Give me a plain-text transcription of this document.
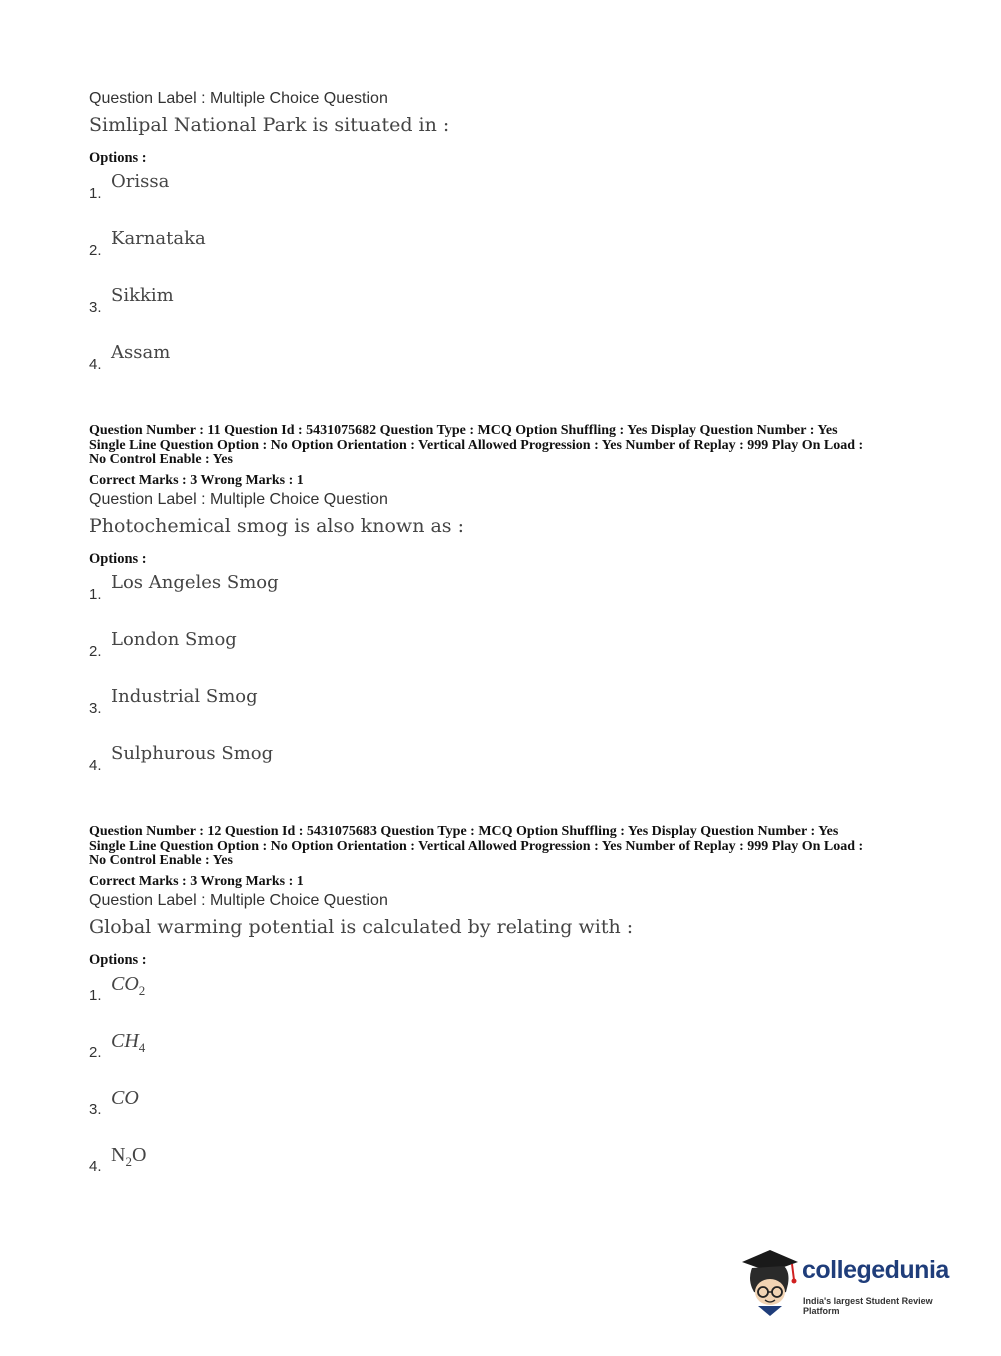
Question Label : Multiple Choice Question
Simlipal National Park is situated in :
Options :
1.
Orissa
2.
Karnataka
3.
Sikkim
4.
Assam
Question Number : 11 Question Id : 5431075682 Question Type : MCQ Option Shuffling : Yes Display Question Number : Yes
Single Line Question Option : No Option Orientation : Vertical Allowed Progression : Yes Number of Replay : 999 Play On Load :
No Control Enable : Yes
Correct Marks : 3 Wrong Marks : 1
Question Label : Multiple Choice Question
Photochemical smog is also known as :
Options :
1.
Los Angeles Smog
2.
London Smog
3.
Industrial Smog
4.
Sulphurous Smog
Question Number : 12 Question Id : 5431075683 Question Type : MCQ Option Shuffling : Yes Display Question Number : Yes
Single Line Question Option : No Option Orientation : Vertical Allowed Progression : Yes Number of Replay : 999 Play On Load :
No Control Enable : Yes
Correct Marks : 3 Wrong Marks : 1
Question Label : Multiple Choice Question
Global warming potential is calculated by relating with :
Options :
1.
$CO_2$
2.
$CH_4$
3.
CO
4.
$N_2O$
collegedunia
India's largest Student Review Platform
